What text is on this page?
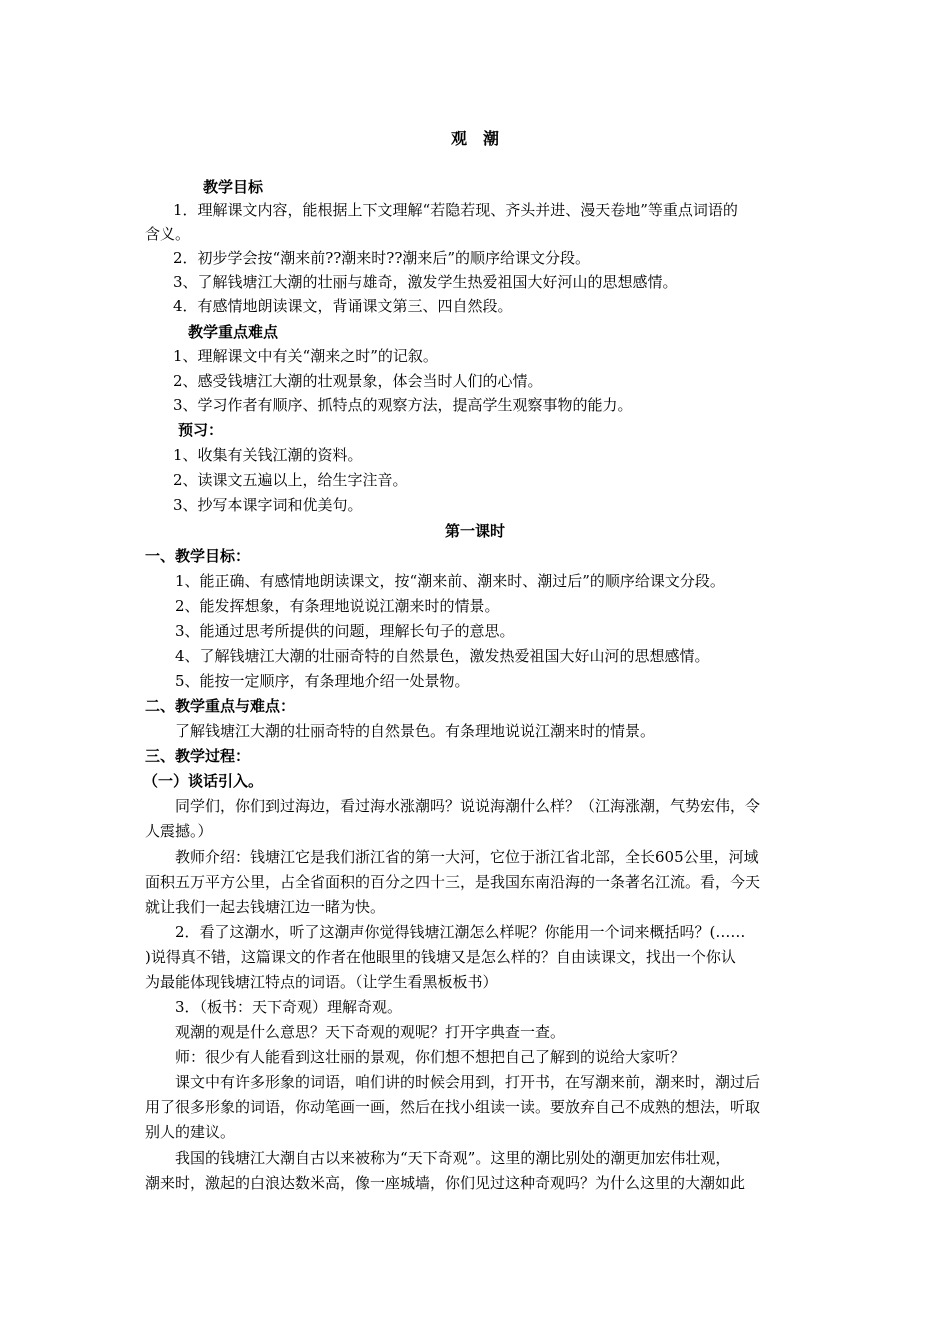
观　潮
教学目标
1．理解课文内容，能根据上下文理解“若隐若现、齐头并进、漫天卷地”等重点词语的
含义。
2．初步学会按“潮来前??潮来时??潮来后”的顺序给课文分段。
3、了解钱塘江大潮的壮丽与雄奇，激发学生热爱祖国大好河山的思想感情。
4．有感情地朗读课文，背诵课文第三、四自然段。
教学重点难点
1、理解课文中有关“潮来之时”的记叙。
2、感受钱塘江大潮的壮观景象，体会当时人们的心情。
3、学习作者有顺序、抓特点的观察方法，提高学生观察事物的能力。
预习：
1、收集有关钱江潮的资料。
2、读课文五遍以上，给生字注音。
3、抄写本课字词和优美句。
第一课时
一、教学目标：
1、能正确、有感情地朗读课文，按“潮来前、潮来时、潮过后”的顺序给课文分段。
2、能发挥想象，有条理地说说江潮来时的情景。
3、能通过思考所提供的问题，理解长句子的意思。
4、了解钱塘江大潮的壮丽奇特的自然景色，激发热爱祖国大好山河的思想感情。
5、能按一定顺序，有条理地介绍一处景物。
二、教学重点与难点：
了解钱塘江大潮的壮丽奇特的自然景色。有条理地说说江潮来时的情景。
三、教学过程：
（一）谈话引入。
同学们，你们到过海边，看过海水涨潮吗？说说海潮什么样？（江海涨潮，气势宏伟，令
人震撼。）
教师介绍：钱塘江它是我们浙江省的第一大河，它位于浙江省北部，全长605公里，河域
面积五万平方公里，占全省面积的百分之四十三，是我国东南沿海的一条著名江流。看，今天
就让我们一起去钱塘江边一睹为快。
2．看了这潮水，听了这潮声你觉得钱塘江潮怎么样呢？你能用一个词来概括吗？(……
)说得真不错，这篇课文的作者在他眼里的钱塘又是怎么样的？自由读课文，找出一个你认
为最能体现钱塘江特点的词语。（让学生看黑板板书）
3．（板书：天下奇观）理解奇观。
观潮的观是什么意思？天下奇观的观呢？打开字典查一查。
师：很少有人能看到这壮丽的景观，你们想不想把自己了解到的说给大家听？
课文中有许多形象的词语，咱们讲的时候会用到，打开书，在写潮来前，潮来时，潮过后
用了很多形象的词语，你动笔画一画，然后在找小组读一读。要放弃自己不成熟的想法，听取
别人的建议。
我国的钱塘江大潮自古以来被称为“天下奇观”。这里的潮比别处的潮更加宏伟壮观，
潮来时，激起的白浪达数米高，像一座城墙，你们见过这种奇观吗？为什么这里的大潮如此
